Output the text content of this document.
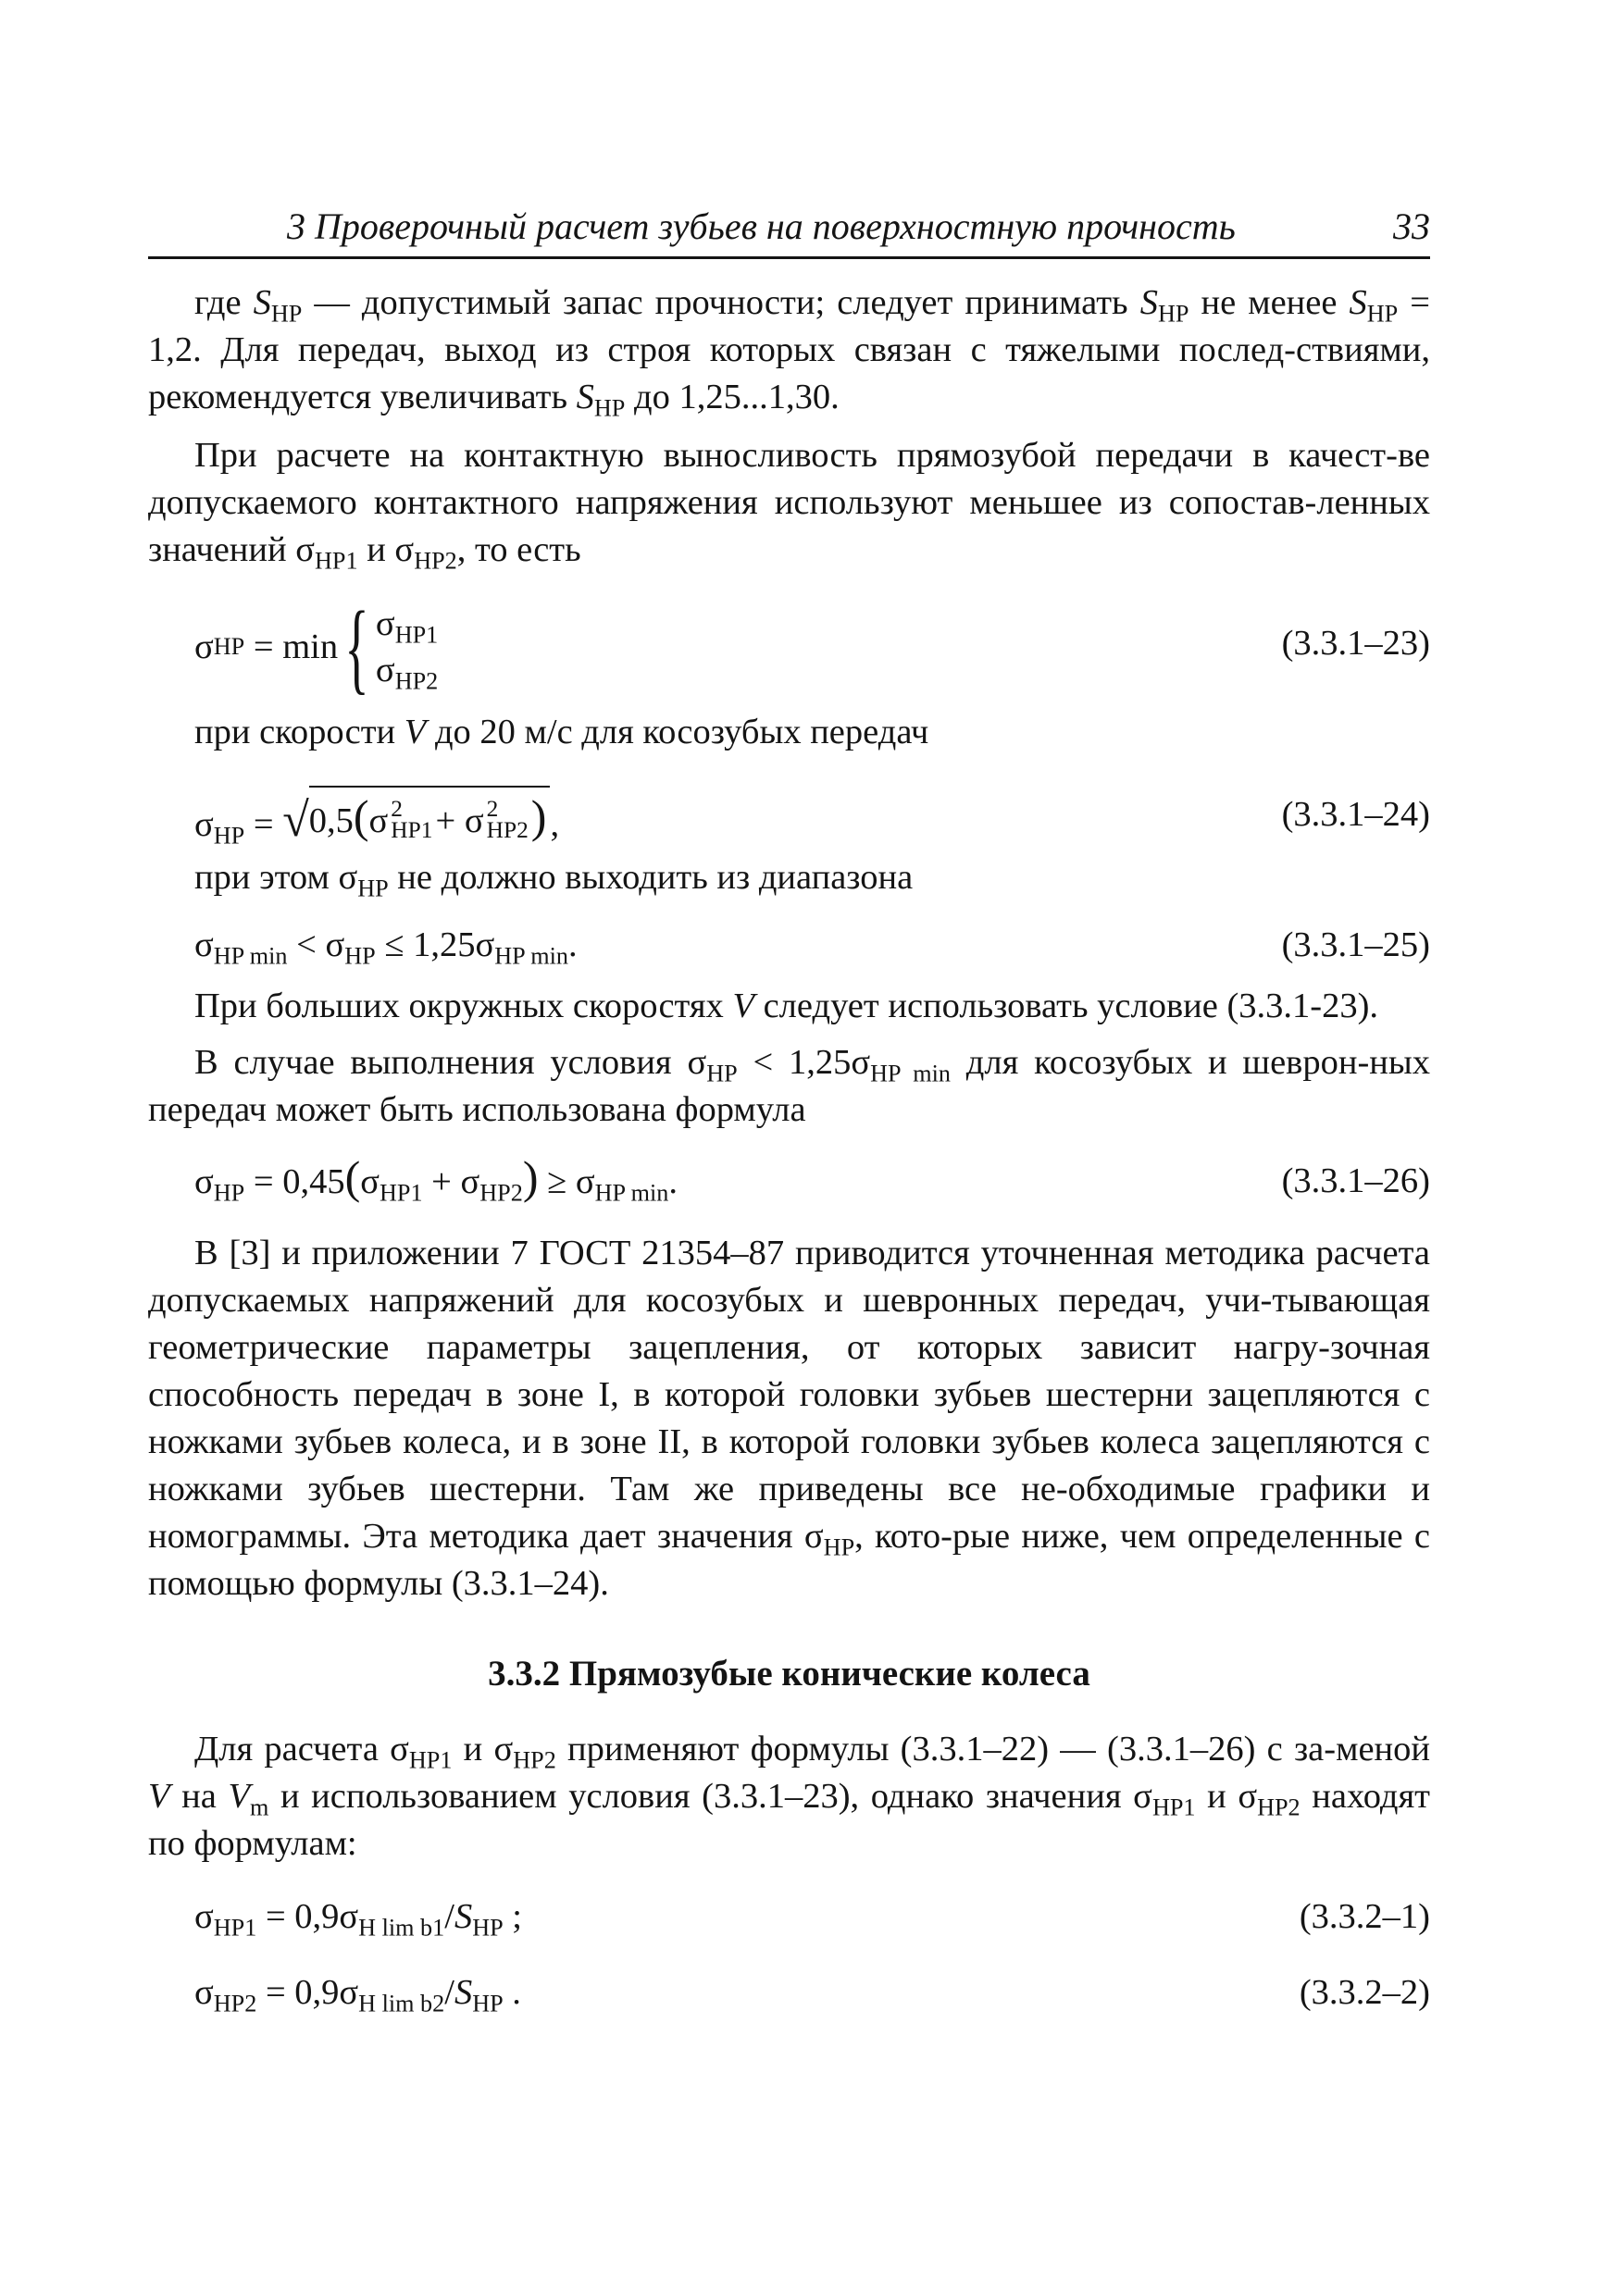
3 Проверочный расчет зубьев на поверхностную прочность	33

где $S_{HP}$ — допустимый запас прочности; следует принимать $S_{HP}$ не менее $S_{HP} = 1,2$. Для передач, выход из строя которых связан с тяжелыми послед-ствиями, рекомендуется увеличивать $S_{HP}$ до 1,25...1,30.

При расчете на контактную выносливость прямозубой передачи в качест-ве допускаемого контактного напряжения используют меньшее из сопостав-ленных значений $\sigma_{HP1}$ и $\sigma_{HP2}$, то есть

σ HP = min { $\sigma_{HP1}$
$\sigma_{HP2}$
(3.3.1–23)

при скорости V до 20 м/с для косозубых передач

$\sigma_{HP}$ = √ 0,5(σ 2
HP1 + σ 2
HP2 ) ,	(3.3.1–24)

при этом $\sigma_{HP}$ не должно выходить из диапазона

$\sigma_{HP min} < \sigma_{HP} \le 1,25\sigma_{HP min}$.	(3.3.1–25)

При больших окружных скоростях V следует использовать условие (3.3.1-23).

В случае выполнения условия $\sigma_{HP} < 1,25\sigma_{HP min}$ для косозубых и шеврон-ных передач может быть использована формула

$\sigma_{HP} = 0,45(\sigma_{HP1} + \sigma_{HP2}) \ge \sigma_{HP min}$.	(3.3.1–26)

В [3] и приложении 7 ГОСТ 21354–87 приводится уточненная методика расчета допускаемых напряжений для косозубых и шевронных передач, учи-тывающая геометрические параметры зацепления, от которых зависит нагру-зочная способность передач в зоне I, в которой головки зубьев шестерни зацепляются с ножками зубьев колеса, и в зоне II, в которой головки зубьев колеса зацепляются с ножками зубьев шестерни. Там же приведены все не-обходимые графики и номограммы. Эта методика дает значения $\sigma_{HP}$, кото-рые ниже, чем определенные с помощью формулы (3.3.1–24).

3.3.2 Прямозубые конические колеса

Для расчета $\sigma_{HP1}$ и $\sigma_{HP2}$ применяют формулы (3.3.1–22) — (3.3.1–26) с за-меной V на $V_m$ и использованием условия (3.3.1–23), однако значения $\sigma_{HP1}$ и $\sigma_{HP2}$ находят по формулам:

$\sigma_{HP1} = 0,9\sigma_{H lim b1}/S_{HP}$ ;	(3.3.2–1)
$\sigma_{HP2} = 0,9\sigma_{H lim b2}/S_{HP}$ .	(3.3.2–2)
